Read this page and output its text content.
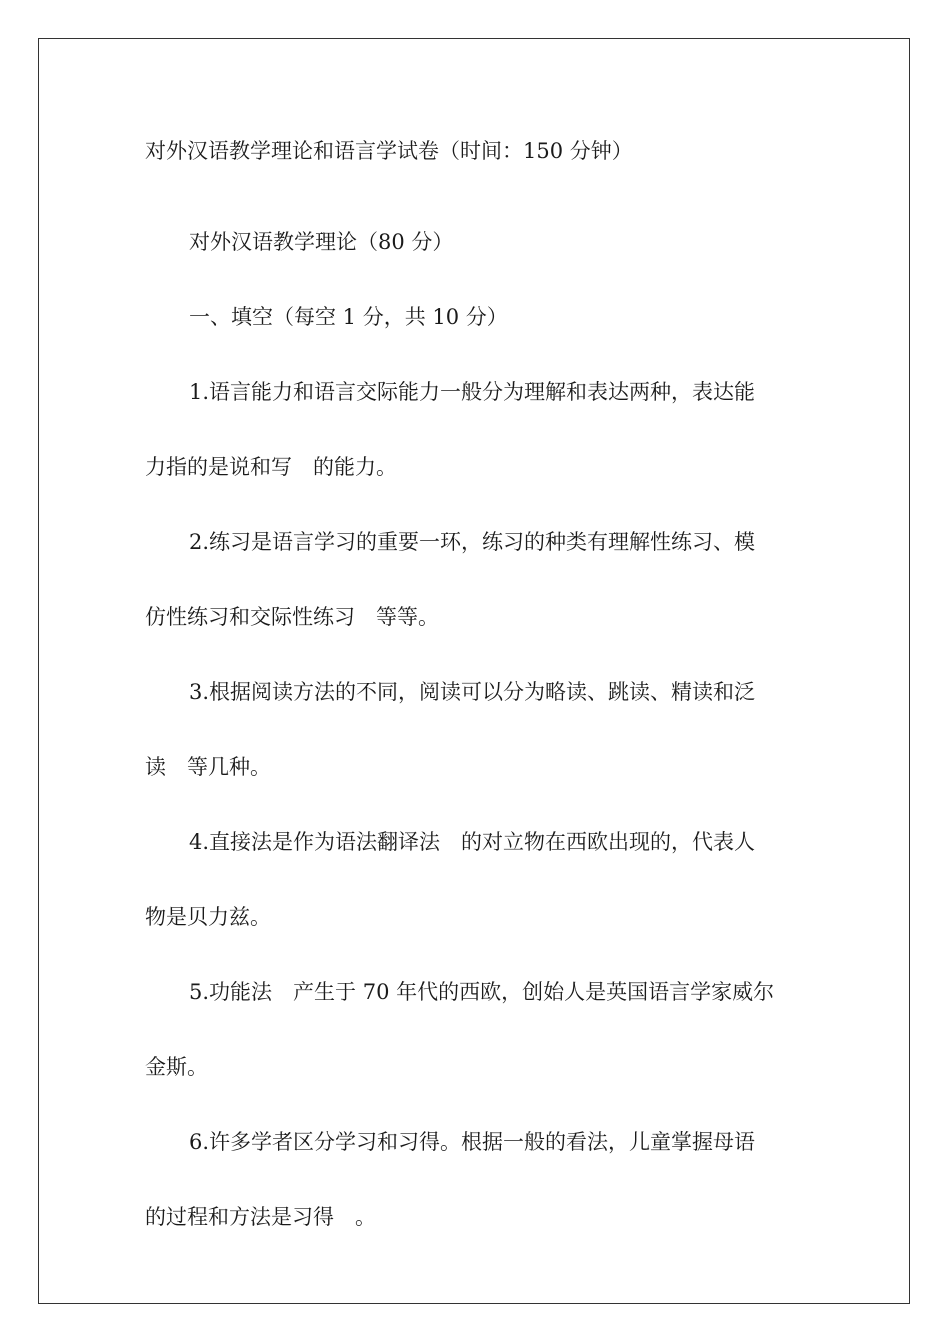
对外汉语教学理论和语言学试卷（时间：150 分钟）
对外汉语教学理论（80 分）
一、填空（每空 1 分，共 10 分）
1.语言能力和语言交际能力一般分为理解和表达两种，表达能
力指的是说和写　的能力。
2.练习是语言学习的重要一环，练习的种类有理解性练习、模
仿性练习和交际性练习　等等。
3.根据阅读方法的不同，阅读可以分为略读、跳读、精读和泛
读　等几种。
4.直接法是作为语法翻译法　的对立物在西欧出现的，代表人
物是贝力兹。
5.功能法　产生于 70 年代的西欧，创始人是英国语言学家威尔
金斯。
6.许多学者区分学习和习得。根据一般的看法，儿童掌握母语
的过程和方法是习得　。
